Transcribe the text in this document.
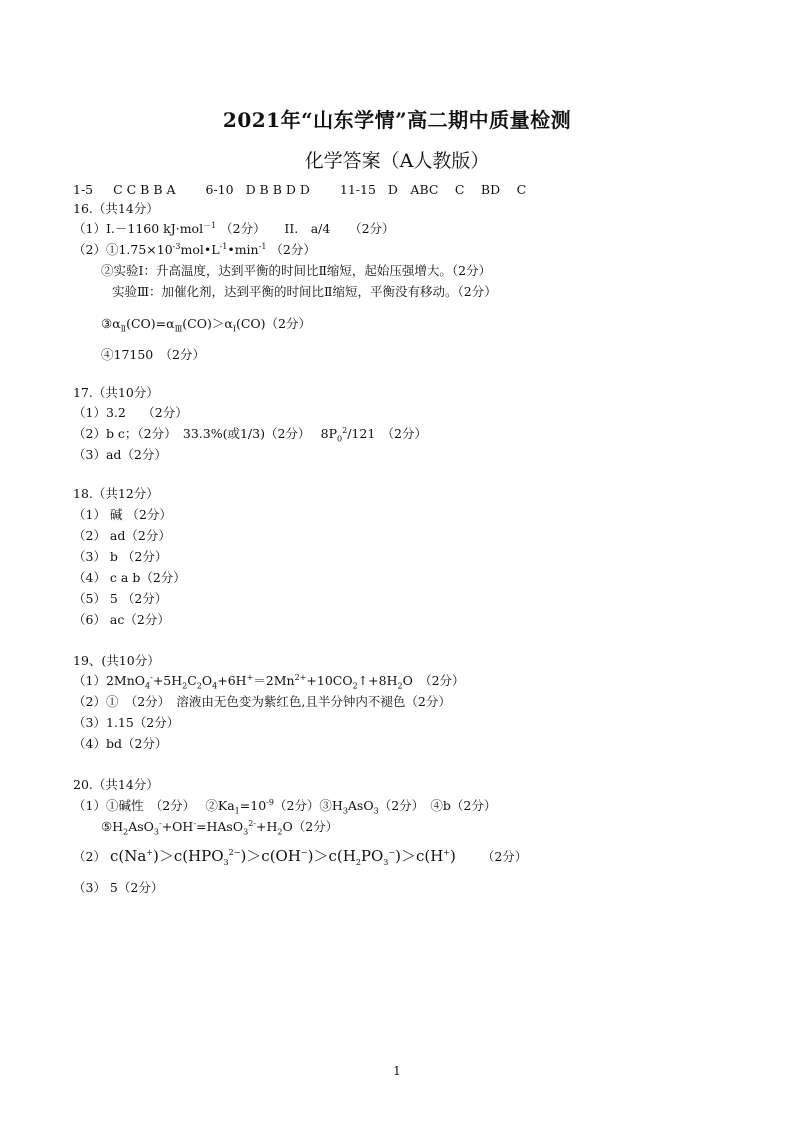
2021年“山东学情”高二期中质量检测
化学答案（A人教版）
1-5 C C B B A 6-10 D B B D D 11-15 D　ABC　 C　 BD　 C
16.（共14分）
（1）I.－1160 kJ·mol$^{-1}$ （2分）　　II.　a/4　　（2分）
$(2)①1.75\times 10^{-3}mol•L^{-1}•\min^{-1}$ （2分）
②实验Ⅰ：升高温度，达到平衡的时间比Ⅱ缩短，起始压强增大。（2分）
实验Ⅲ：加催化剂，达到平衡的时间比Ⅱ缩短，平衡没有移动。（2分）
$③\alpha_Ⅱ(CO)=\alpha_Ⅲ(CO)>\alpha_Ⅰ(CO)(2$分）
④17150　（2分）
17.（共10分）
（1）3.2　 （2分）
（2）b c；（2分）　33.3%(或1/3)（2分）　 $8P_0^2/121$　（2分）
（3）ad（2分）
18.（共12分）
（1） 碱 （2分）
（2） ad（2分）
（3） b （2分）
（4） c a b（2分）
（5） 5 （2分）
（6） ac（2分）
19、(共10分）
$(1)2MnO_4^-+5H_2C_2O_4+6H^+=2Mn^{2+}+10CO_2↑+8H_2O$　（2分）
（2）①　（2分）　溶液由无色变为紫红色,且半分钟内不褪色（2分）
（3）1.15（2分）
（4）bd（2分）
20.（共14分）
（1）①碱性　（2分）　 $②Ka_1=10^{-9}(2$分）$③H_3AsO_3(2$分）　④b（2分）
$⑤H_2AsO_3^-+OH^-=HAsO_3^{2-}+H_2O(2$分）
（2） $c(Na^+)>c(HPO_3^{2-})>c(OH^-)>c(H_2PO_3^-)>c(H^+)$ （2分）
（3） 5（2分）
1
